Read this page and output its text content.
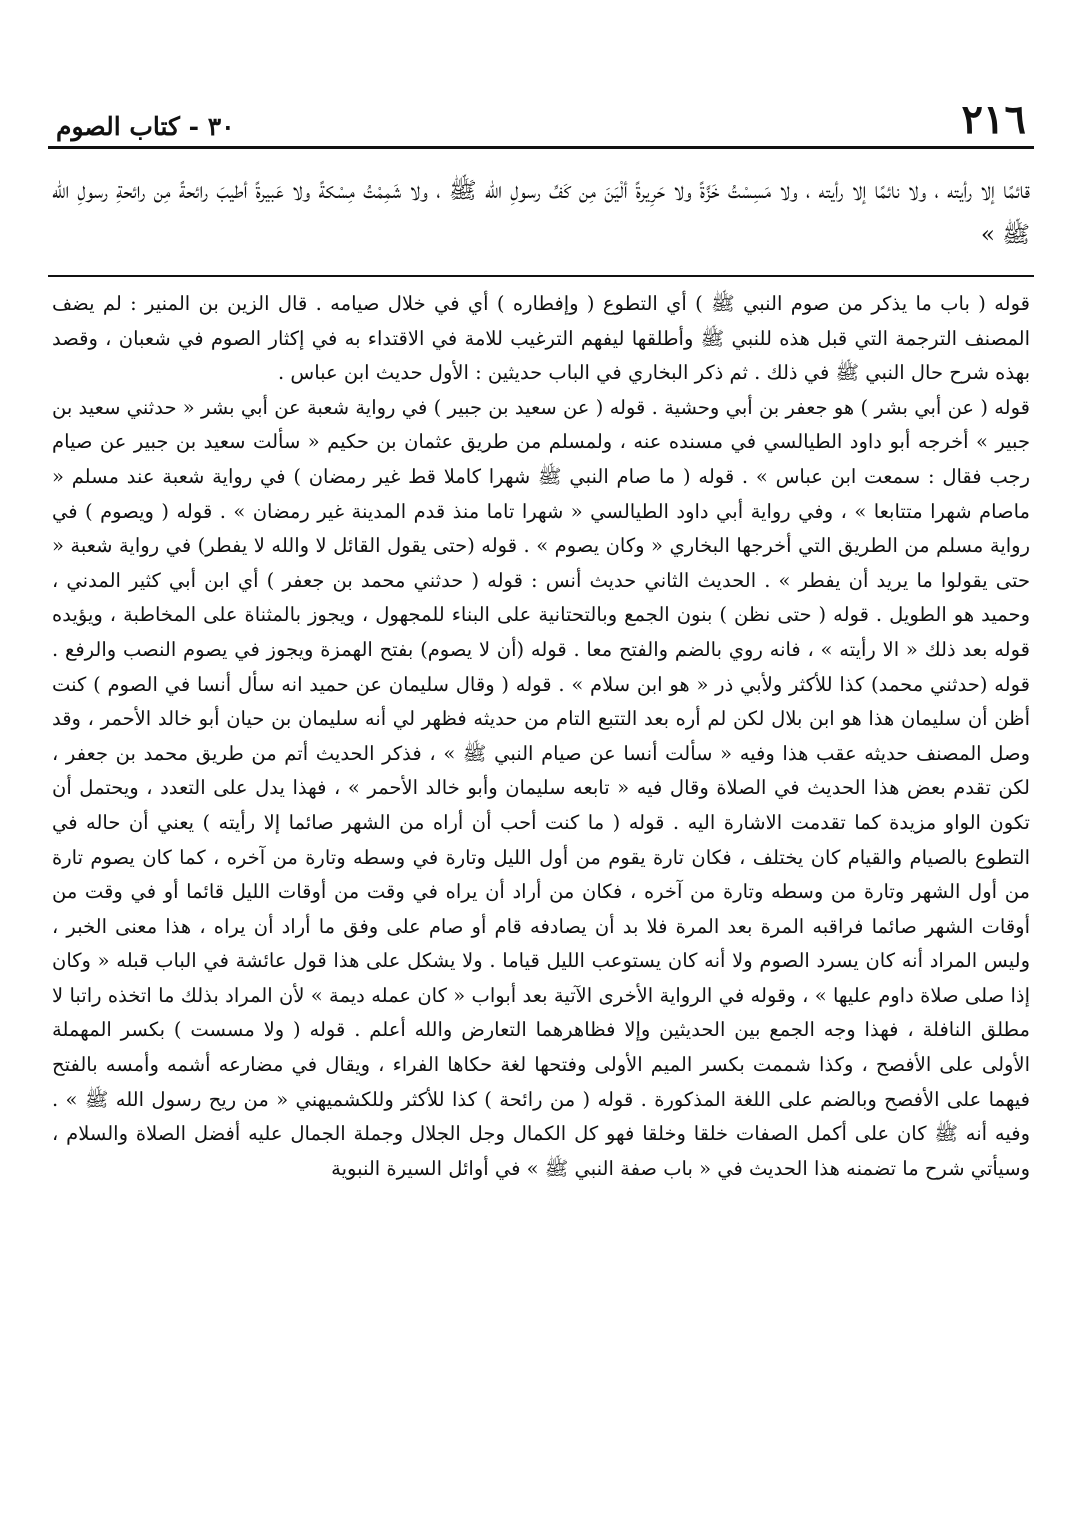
٢١٦
٣٠ - كتاب الصوم
قائمًا إلا رأيته ، ولا نائمًا إلا رأيته ، ولا مَسِسْتُ خَزَّةً ولا حَرِيرةً ألْيَنَ مِن كَفِّ رسولِ الله ﷺ ، ولا شَمِمْتُ مِسْكةً ولا عَبيرةً أطيبَ رائحةً مِن رائحةِ رسولِ الله ﷺ »

قوله ( باب ما يذكر من صوم النبي ﷺ ) أي التطوع ( وإفطاره ) أي في خلال صيامه . قال الزين بن المنير : لم يضف المصنف الترجمة التي قبل هذه للنبي ﷺ وأطلقها ليفهم الترغيب للامة في الاقتداء به في إكثار الصوم في شعبان ، وقصد بهذه شرح حال النبي ﷺ في ذلك . ثم ذكر البخاري في الباب حديثين : الأول حديث ابن عباس .

قوله ( عن أبي بشر ) هو جعفر بن أبي وحشية . قوله ( عن سعيد بن جبير ) في رواية شعبة عن أبي بشر « حدثني سعيد بن جبير » أخرجه أبو داود الطيالسي في مسنده عنه ، ولمسلم من طريق عثمان بن حكيم « سألت سعيد بن جبير عن صيام رجب فقال : سمعت ابن عباس » . قوله ( ما صام النبي ﷺ شهرا كاملا قط غير رمضان ) في رواية شعبة عند مسلم « ماصام شهرا متتابعا » ، وفي رواية أبي داود الطيالسي « شهرا تاما منذ قدم المدينة غير رمضان » . قوله ( ويصوم ) في رواية مسلم من الطريق التي أخرجها البخاري « وكان يصوم » . قوله (حتى يقول القائل لا والله لا يفطر) في رواية شعبة « حتى يقولوا ما يريد أن يفطر » . الحديث الثاني حديث أنس : قوله ( حدثني محمد بن جعفر ) أي ابن أبي كثير المدني ، وحميد هو الطويل . قوله ( حتى نظن ) بنون الجمع وبالتحتانية على البناء للمجهول ، ويجوز بالمثناة على المخاطبة ، ويؤيده قوله بعد ذلك « الا رأيته » ، فانه روي بالضم والفتح معا . قوله (أن لا يصوم) بفتح الهمزة ويجوز في يصوم النصب والرفع . قوله (حدثني محمد) كذا للأكثر ولأبي ذر « هو ابن سلام » . قوله ( وقال سليمان عن حميد انه سأل أنسا في الصوم ) كنت أظن أن سليمان هذا هو ابن بلال لكن لم أره بعد التتبع التام من حديثه فظهر لي أنه سليمان بن حيان أبو خالد الأحمر ، وقد وصل المصنف حديثه عقب هذا وفيه « سألت أنسا عن صيام النبي ﷺ » ، فذكر الحديث أتم من طريق محمد بن جعفر ، لكن تقدم بعض هذا الحديث في الصلاة وقال فيه « تابعه سليمان وأبو خالد الأحمر » ، فهذا يدل على التعدد ، ويحتمل أن تكون الواو مزيدة كما تقدمت الاشارة اليه . قوله ( ما كنت أحب أن أراه من الشهر صائما إلا رأيته ) يعني أن حاله في التطوع بالصيام والقيام كان يختلف ، فكان تارة يقوم من أول الليل وتارة في وسطه وتارة من آخره ، كما كان يصوم تارة من أول الشهر وتارة من وسطه وتارة من آخره ، فكان من أراد أن يراه في وقت من أوقات الليل قائما أو في وقت من أوقات الشهر صائما فراقبه المرة بعد المرة فلا بد أن يصادفه قام أو صام على وفق ما أراد أن يراه ، هذا معنى الخبر ، وليس المراد أنه كان يسرد الصوم ولا أنه كان يستوعب الليل قياما . ولا يشكل على هذا قول عائشة في الباب قبله « وكان إذا صلى صلاة داوم عليها » ، وقوله في الرواية الأخرى الآتية بعد أبواب « كان عمله ديمة » لأن المراد بذلك ما اتخذه راتبا لا مطلق النافلة ، فهذا وجه الجمع بين الحديثين وإلا فظاهرهما التعارض والله أعلم . قوله ( ولا مسست ) بكسر المهملة الأولى على الأفصح ، وكذا شممت بكسر الميم الأولى وفتحها لغة حكاها الفراء ، ويقال في مضارعه أشمه وأمسه بالفتح فيهما على الأفصح وبالضم على اللغة المذكورة . قوله ( من رائحة ) كذا للأكثر وللكشميهني « من ريح رسول الله ﷺ » . وفيه أنه ﷺ كان على أكمل الصفات خلقا وخلقا فهو كل الكمال وجل الجلال وجملة الجمال عليه أفضل الصلاة والسلام ، وسيأتي شرح ما تضمنه هذا الحديث في « باب صفة النبي ﷺ » في أوائل السيرة النبوية
